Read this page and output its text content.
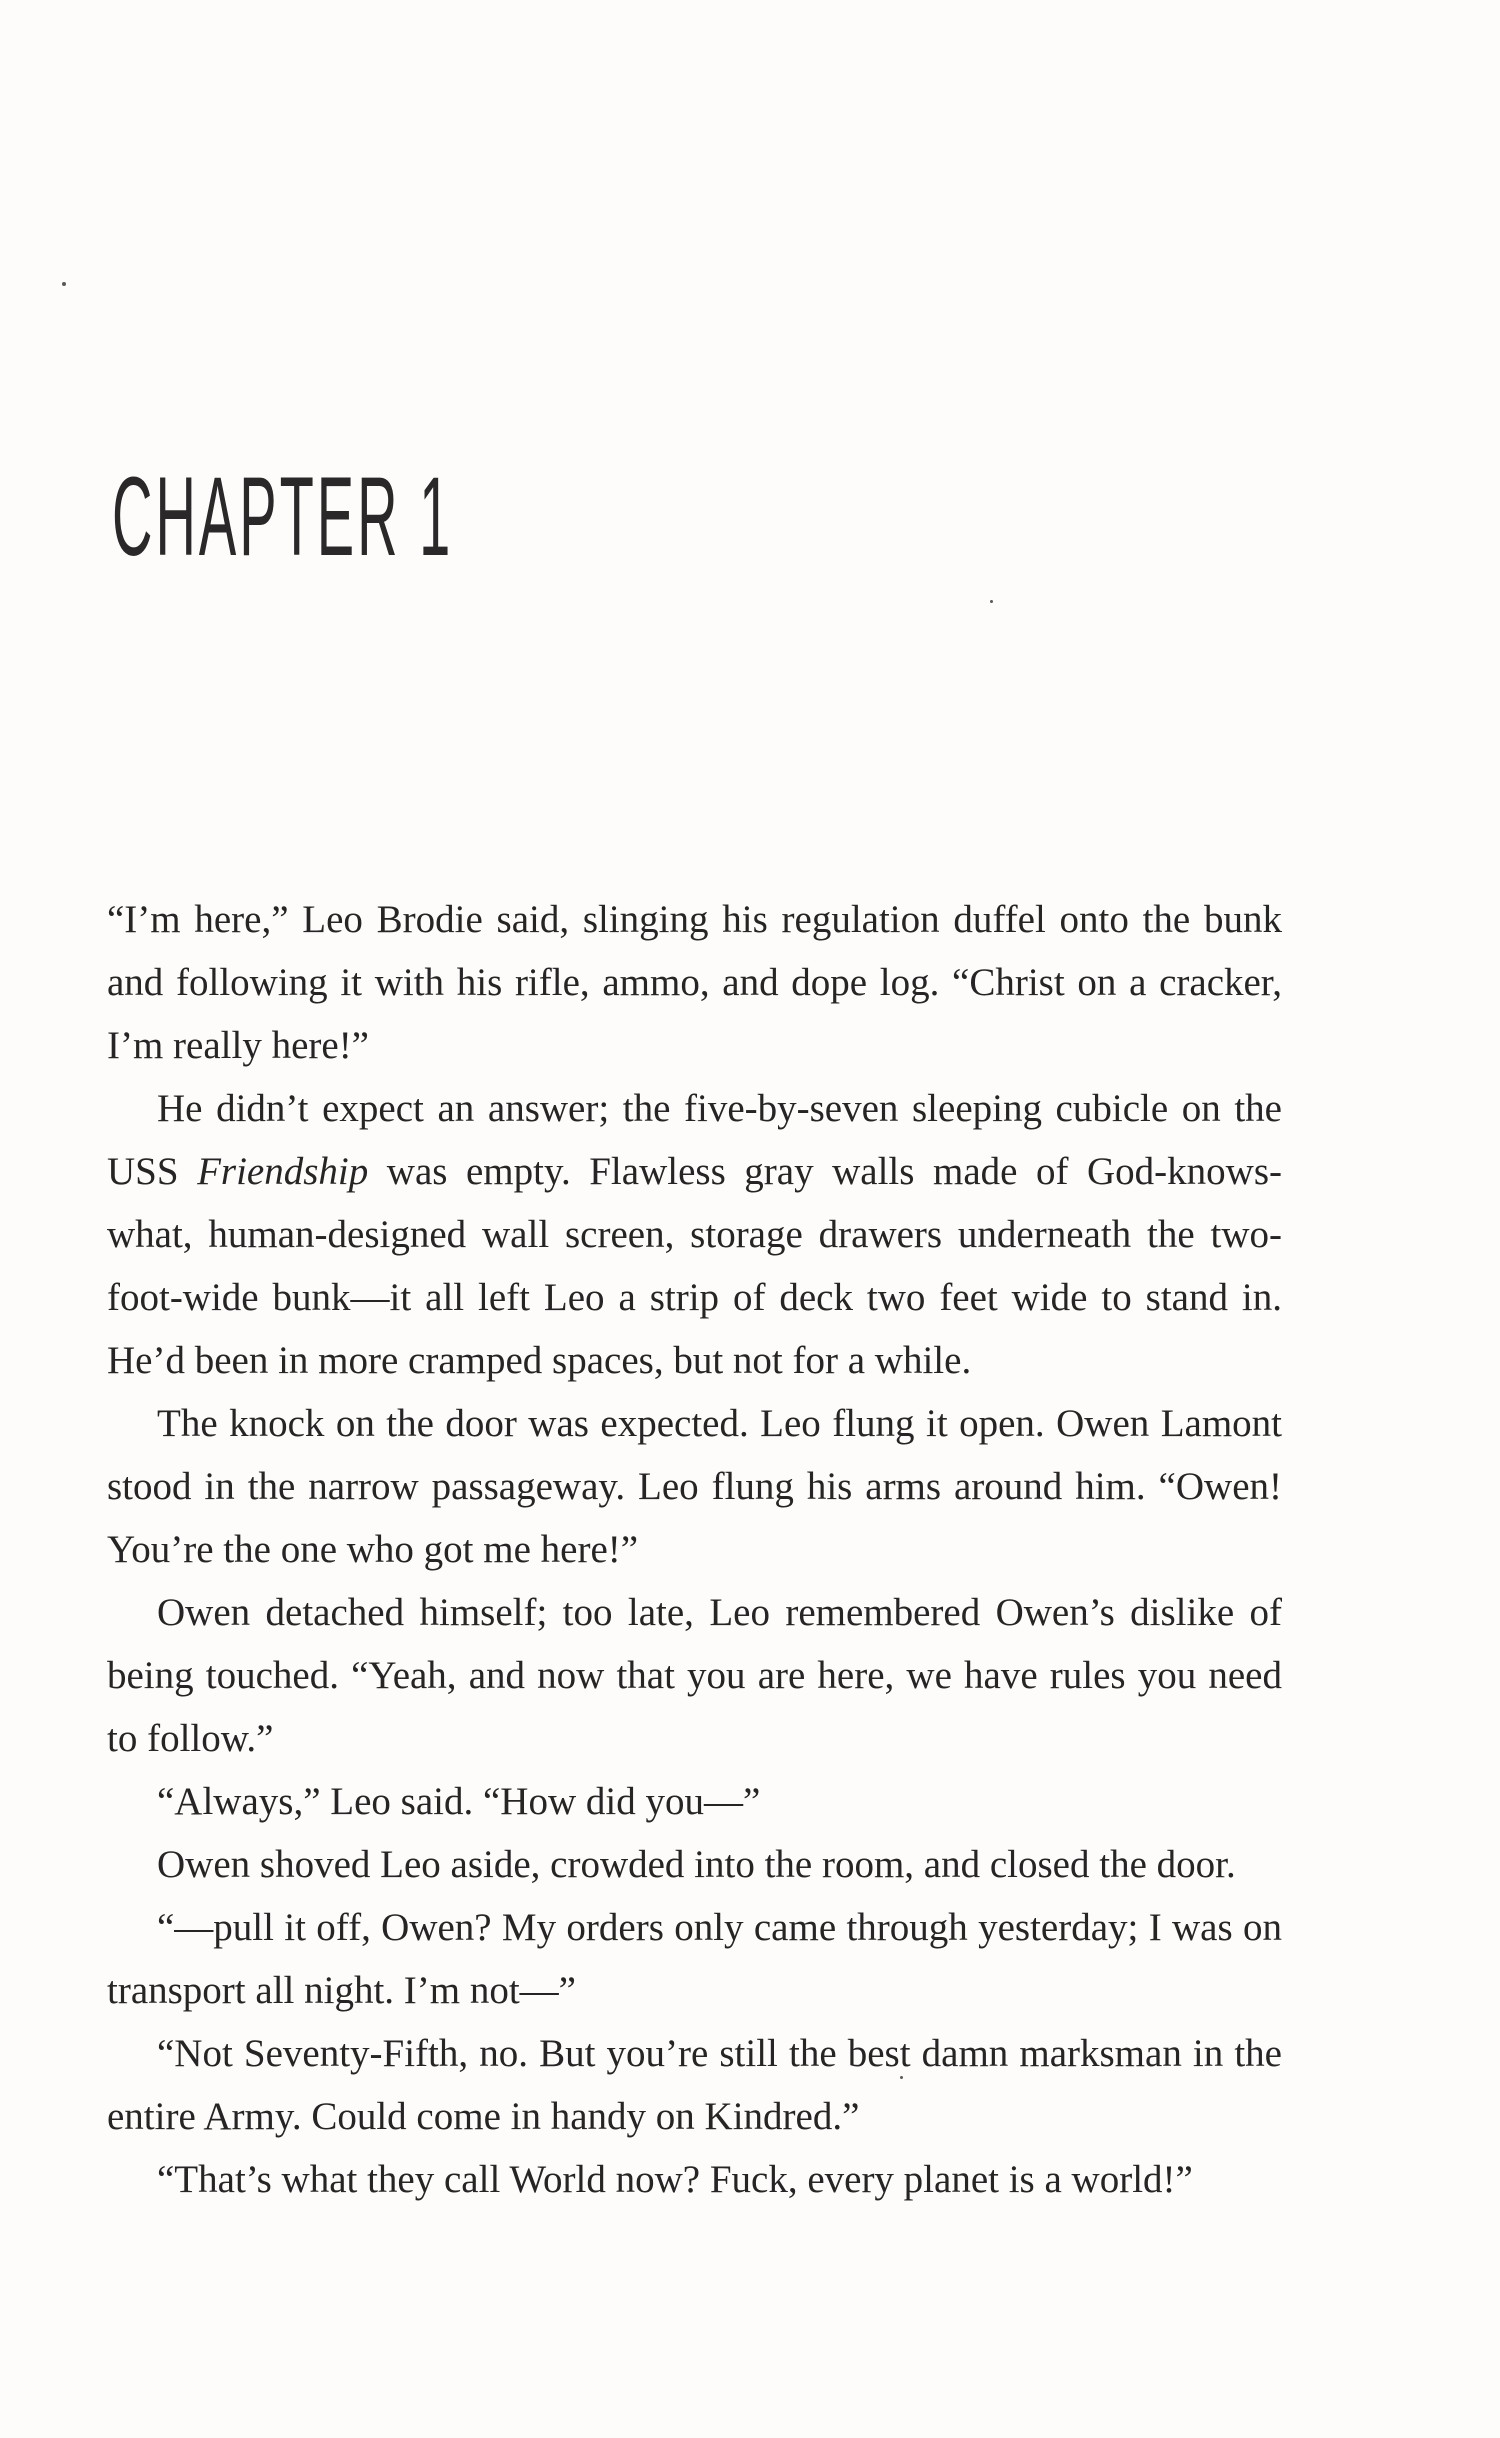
CHAPTER 1

“I’m here,” Leo Brodie said, slinging his regulation duffel onto the bunk and following it with his rifle, ammo, and dope log. “Christ on a cracker, I’m really here!”

He didn’t expect an answer; the five-by-seven sleeping cubicle on the USS Friendship was empty. Flawless gray walls made of God-knows-what, human-designed wall screen, storage drawers underneath the two-foot-wide bunk—it all left Leo a strip of deck two feet wide to stand in. He’d been in more cramped spaces, but not for a while.

The knock on the door was expected. Leo flung it open. Owen Lamont stood in the narrow passageway. Leo flung his arms around him. “Owen! You’re the one who got me here!”

Owen detached himself; too late, Leo remembered Owen’s dislike of being touched. “Yeah, and now that you are here, we have rules you need to follow.”

“Always,” Leo said. “How did you—”

Owen shoved Leo aside, crowded into the room, and closed the door.

“—pull it off, Owen? My orders only came through yesterday; I was on transport all night. I’m not—”

“Not Seventy-Fifth, no. But you’re still the best damn marksman in the entire Army. Could come in handy on Kindred.”

“That’s what they call World now? Fuck, every planet is a world!”
